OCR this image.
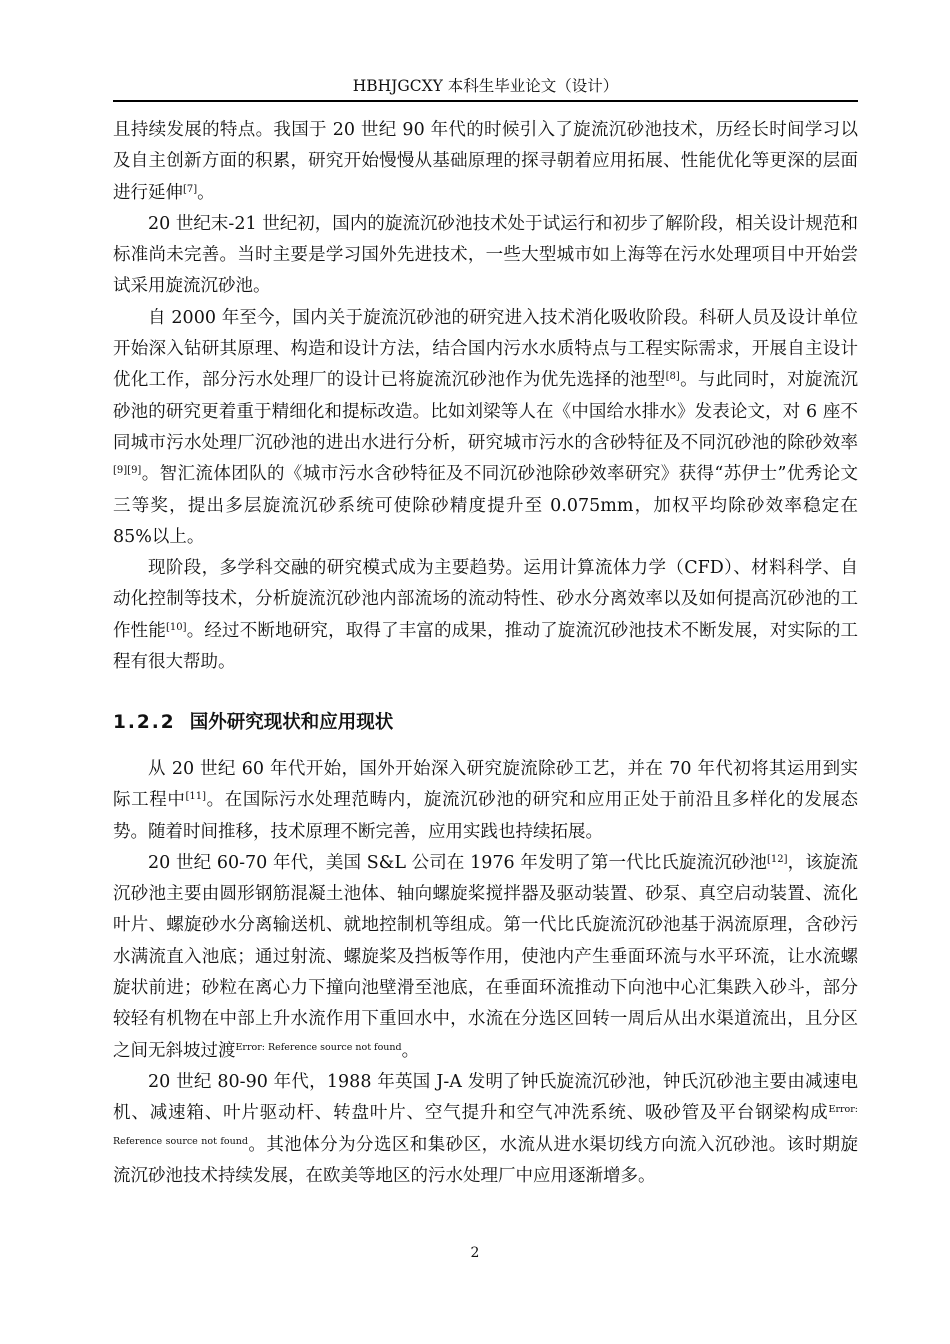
HBHJGCXY 本科生毕业论文（设计）

且持续发展的特点。我国于 20 世纪 90 年代的时候引入了旋流沉砂池技术，历经长时间学习以及自主创新方面的积累，研究开始慢慢从基础原理的探寻朝着应用拓展、性能优化等更深的层面进行延伸[7]。

20 世纪末-21 世纪初，国内的旋流沉砂池技术处于试运行和初步了解阶段，相关设计规范和标准尚未完善。当时主要是学习国外先进技术，一些大型城市如上海等在污水处理项目中开始尝试采用旋流沉砂池。

自 2000 年至今，国内关于旋流沉砂池的研究进入技术消化吸收阶段。科研人员及设计单位开始深入钻研其原理、构造和设计方法，结合国内污水水质特点与工程实际需求，开展自主设计优化工作，部分污水处理厂的设计已将旋流沉砂池作为优先选择的池型[8]。与此同时，对旋流沉砂池的研究更着重于精细化和提标改造。比如刘梁等人在《中国给水排水》发表论文，对 6 座不同城市污水处理厂沉砂池的进出水进行分析，研究城市污水的含砂特征及不同沉砂池的除砂效率[9][9]。智汇流体团队的《城市污水含砂特征及不同沉砂池除砂效率研究》获得“苏伊士”优秀论文三等奖，提出多层旋流沉砂系统可使除砂精度提升至 0.075mm，加权平均除砂效率稳定在 85%以上。

现阶段，多学科交融的研究模式成为主要趋势。运用计算流体力学（CFD）、材料科学、自动化控制等技术，分析旋流沉砂池内部流场的流动特性、砂水分离效率以及如何提高沉砂池的工作性能[10]。经过不断地研究，取得了丰富的成果，推动了旋流沉砂池技术不断发展，对实际的工程有很大帮助。

1.2.2 国外研究现状和应用现状

从 20 世纪 60 年代开始，国外开始深入研究旋流除砂工艺，并在 70 年代初将其运用到实际工程中[11]。在国际污水处理范畴内，旋流沉砂池的研究和应用正处于前沿且多样化的发展态势。随着时间推移，技术原理不断完善，应用实践也持续拓展。

20 世纪 60-70 年代，美国 S&L 公司在 1976 年发明了第一代比氏旋流沉砂池[12]，该旋流沉砂池主要由圆形钢筋混凝土池体、轴向螺旋桨搅拌器及驱动装置、砂泵、真空启动装置、流化叶片、螺旋砂水分离输送机、就地控制机等组成。第一代比氏旋流沉砂池基于涡流原理，含砂污水满流直入池底；通过射流、螺旋桨及挡板等作用，使池内产生垂面环流与水平环流，让水流螺旋状前进；砂粒在离心力下撞向池壁滑至池底，在垂面环流推动下向池中心汇集跌入砂斗，部分较轻有机物在中部上升水流作用下重回水中，水流在分选区回转一周后从出水渠道流出，且分区之间无斜坡过渡$^{Error: Reference source not found}$。

20 世纪 80-90 年代，1988 年英国 J-A 发明了钟氏旋流沉砂池，钟氏沉砂池主要由减速电机、减速箱、叶片驱动杆、转盘叶片、空气提升和空气冲洗系统、吸砂管及平台钢梁构成$^{Error: Reference source not found}$。其池体分为分选区和集砂区，水流从进水渠切线方向流入沉砂池。该时期旋流沉砂池技术持续发展，在欧美等地区的污水处理厂中应用逐渐增多。

2
